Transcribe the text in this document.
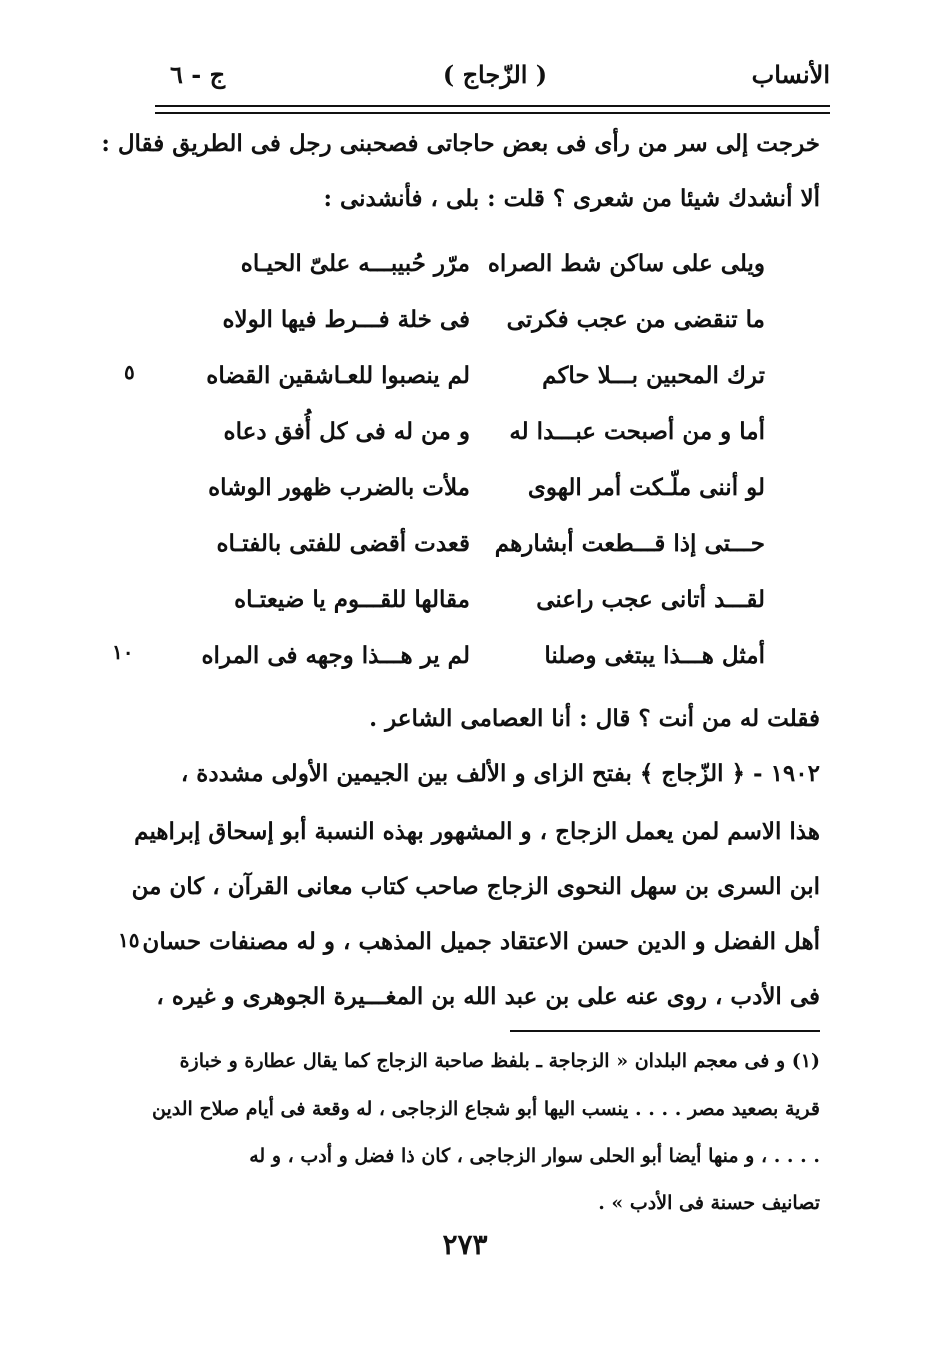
ج - ٦	( الزّجاج )	الأنساب
خرجت إلى سر من رأى فى بعض حاجاتى فصحبنى رجل فى الطريق فقال :
ألا أنشدك شيئا من شعرى ؟ قلت : بلى ، فأنشدنى :
ويلى على ساكن شط الصراه
مرّر حُبيبـــه علىّ الحيـاه
ما تنقضى من عجب فكرتى
فى خلة فـــرط فيها الولاه
ترك المحبين بـــلا حاكم
لم ينصبوا للعـاشقين القضاه
أما و من أصبحت عبـــدا له
و من له فى كل أُفق دعاه
لو أننى ملّـكت أمر الهوى
ملأت بالضرب ظهور الوشاه
حـــتى إذا قـــطعت أبشارهم
قعدت أقضى للفتى بالفتـاه
لقـــد أتانى عجب راعنى
مقالها للقـــوم يا ضيعتـاه
أمثل هـــذا يبتغى وصلنا
لم ير هـــذا وجهه فى المراه
٥
١٠
١٥
فقلت له من أنت ؟ قال : أنا العصامى الشاعر .
١٩٠٢ - ﴿ الزّجاج ﴾ بفتح الزاى و الألف بين الجيمين الأولى مشددة ،
هذا الاسم لمن يعمل الزجاج ، و المشهور بهذه النسبة أبو إسحاق إبراهيم
ابن السرى بن سهل النحوى الزجاج صاحب كتاب معانى القرآن ، كان من
أهل الفضل و الدين حسن الاعتقاد جميل المذهب ، و له مصنفات حسان
فى الأدب ، روى عنه على بن عبد الله بن المغـــيرة الجوهرى و غيره ،
(١) و فى معجم البلدان « الزجاجة ـ بلفظ صاحبة الزجاج كما يقال عطارة و خبازة
قرية بصعيد مصر . . . . ينسب اليها أبو شجاع الزجاجى ، له وقعة فى أيام صلاح الدين
. . . . ، و منها أيضا أبو الحلى سوار الزجاجى ، كان ذا فضل و أدب ، و له
تصانيف حسنة فى الأدب » .
٢٧٣
